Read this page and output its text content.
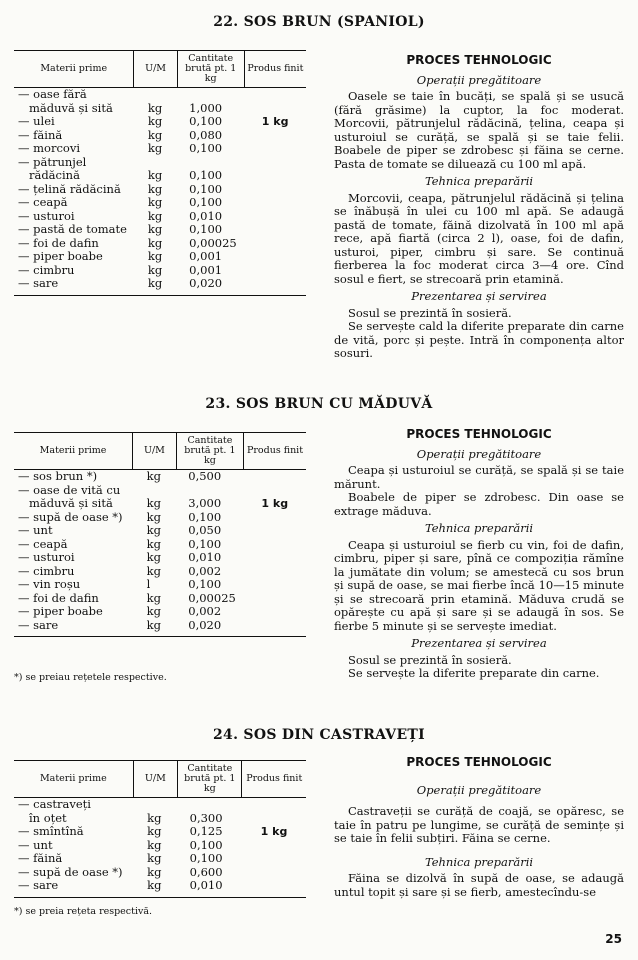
22. SOS BRUN (SPANIOL)
Materii prime	U/M	Cantitate brută pt. 1 kg	Produs finit
— oase fără
măduvă și sită	kg	1,000	
— ulei	kg	0,100	1 kg
— făină	kg	0,080	
— morcovi	kg	0,100	
— pătrunjel
rădăcină	kg	0,100	
— țelină rădăcină	kg	0,100	
— ceapă	kg	0,100	
— usturoi	kg	0,010	
— pastă de tomate	kg	0,100	
— foi de dafin	kg	0,00025	
— piper boabe	kg	0,001	
— cimbru	kg	0,001	
— sare	kg	0,020	
PROCES TEHNOLOGIC
Operații pregătitoare

Oasele se taie în bucăți, se spală și se usucă (fără grăsime) la cuptor, la foc moderat. Morcovii, pătrunjelul rădăcină, țelina, ceapa și usturoiul se curăță, se spală și se taie felii. Boabele de piper se zdrobesc și făina se cerne. Pasta de tomate se diluează cu 100 ml apă.

Tehnica preparării

Morcovii, ceapa, pătrunjelul rădăcină și țelina se înăbușă în ulei cu 100 ml apă. Se adaugă pastă de tomate, făină dizolvată în 100 ml apă rece, apă fiartă (circa 2 l), oase, foi de dafin, usturoi, piper, cimbru și sare. Se continuă fierberea la foc moderat circa 3—4 ore. Cînd sosul e fiert, se strecoară prin etamină.

Prezentarea și servirea

Sosul se prezintă în sosieră.

Se servește cald la diferite preparate din carne de vită, porc și pește. Intră în componența altor sosuri.

23. SOS BRUN CU MĂDUVĂ
Materii prime	U/M	Cantitate brută pt. 1 kg	Produs finit
— sos brun *)	kg	0,500	
— oase de vită cu
măduvă și sită	kg	3,000	1 kg
— supă de oase *)	kg	0,100	
— unt	kg	0,050	
— ceapă	kg	0,100	
— usturoi	kg	0,010	
— cimbru	kg	0,002	
— vin roșu	l	0,100	
— foi de dafin	kg	0,00025	
— piper boabe	kg	0,002	
— sare	kg	0,020	
*) se preiau rețetele respective.
PROCES TEHNOLOGIC
Operații pregătitoare

Ceapa și usturoiul se curăță, se spală și se taie mărunt.

Boabele de piper se zdrobesc. Din oase se extrage măduva.

Tehnica preparării

Ceapa și usturoiul se fierb cu vin, foi de dafin, cimbru, piper și sare, pînă ce compoziția rămîne la jumătate din volum; se amestecă cu sos brun și supă de oase, se mai fierbe încă 10—15 minute și se strecoară prin etamină. Măduva crudă se opărește cu apă și sare și se adaugă în sos. Se fierbe 5 minute și se servește imediat.

Prezentarea și servirea

Sosul se prezintă în sosieră.

Se servește la diferite preparate din carne.

24. SOS DIN CASTRAVEȚI
Materii prime	U/M	Cantitate brută pt. 1 kg	Produs finit
— castraveți
în oțet	kg	0,300	
— smîntînă	kg	0,125	1 kg
— unt	kg	0,100	
— făină	kg	0,100	
— supă de oase *)	kg	0,600	
— sare	kg	0,010	
*) se preia rețeta respectivă.
PROCES TEHNOLOGIC
Operații pregătitoare

Castraveții se curăță de coajă, se opăresc, se taie în patru pe lungime, se curăță de semințe și se taie în felii subțiri. Făina se cerne.

Tehnica preparării

Făina se dizolvă în supă de oase, se adaugă untul topit și sare și se fierb, amestecîndu-se

25
